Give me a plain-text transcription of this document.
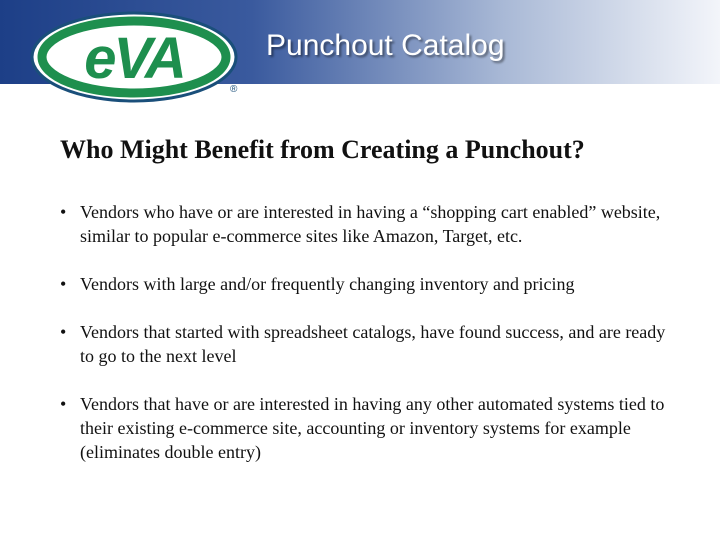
eVA	®
Punchout Catalog
Who Might Benefit from Creating a Punchout?
• Vendors who have or are interested in having a “shopping cart enabled” website, similar to popular e-commerce sites like Amazon, Target, etc.
• Vendors with large and/or frequently changing inventory and pricing
• Vendors that started with spreadsheet catalogs, have found success, and are ready to go to the next level
• Vendors that have or are interested in having any other automated systems tied to their existing e-commerce site, accounting or inventory systems for example (eliminates double entry)
